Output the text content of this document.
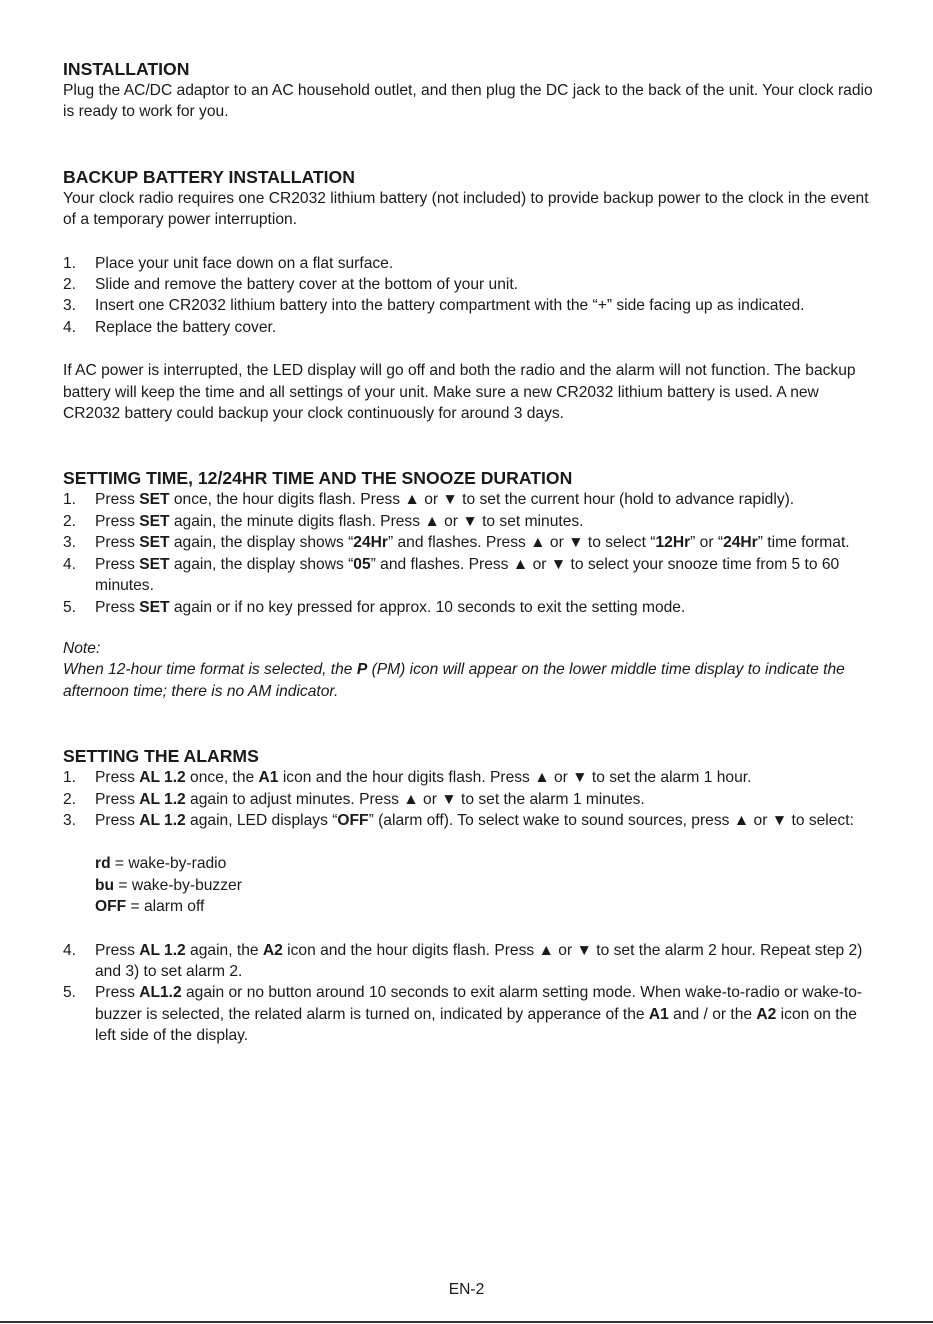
INSTALLATION

Plug the AC/DC adaptor to an AC household outlet, and then plug the DC jack to the back of the unit. Your clock radio is ready to work for you.

BACKUP BATTERY INSTALLATION

Your clock radio requires one CR2032 lithium battery (not included) to provide backup power to the clock in the event of a temporary power interruption.

1. Place your unit face down on a flat surface.
2. Slide and remove the battery cover at the bottom of your unit.
3. Insert one CR2032 lithium battery into the battery compartment with the “+” side facing up as indicated.
4. Replace the battery cover.

If AC power is interrupted, the LED display will go off and both the radio and the alarm will not function. The backup battery will keep the time and all settings of your unit. Make sure a new CR2032 lithium battery is used. A new CR2032 battery could backup your clock continuously for around 3 days.

SETTIMG TIME, 12/24HR TIME AND THE SNOOZE DURATION
1. Press SET once, the hour digits flash. Press ▲ or ▼ to set the current hour (hold to advance rapidly).
2. Press SET again, the minute digits flash. Press ▲ or ▼ to set minutes.
3. Press SET again, the display shows “24Hr” and flashes. Press ▲ or ▼ to select “12Hr” or “24Hr” time format.
4. Press SET again, the display shows “05” and flashes. Press ▲ or ▼ to select your snooze time from 5 to 60 minutes.
5. Press SET again or if no key pressed for approx. 10 seconds to exit the setting mode.

Note:

When 12-hour time format is selected, the P (PM) icon will appear on the lower middle time display to indicate the afternoon time; there is no AM indicator.

SETTING THE ALARMS
1. Press AL 1.2 once, the A1 icon and the hour digits flash. Press ▲ or ▼ to set the alarm 1 hour.
2. Press AL 1.2 again to adjust minutes. Press ▲ or ▼ to set the alarm 1 minutes.
3. Press AL 1.2 again, LED displays “OFF” (alarm off). To select wake to sound sources, press ▲ or ▼ to select:
rd = wake-by-radio
bu = wake-by-buzzer
OFF = alarm off
4. Press AL 1.2 again, the A2 icon and the hour digits flash. Press ▲ or ▼ to set the alarm 2 hour. Repeat step 2) and 3) to set alarm 2.
5. Press AL1.2 again or no button around 10 seconds to exit alarm setting mode. When wake-to-radio or wake-to-buzzer is selected, the related alarm is turned on, indicated by apperance of the A1 and / or the A2 icon on the left side of the display.
EN-2
